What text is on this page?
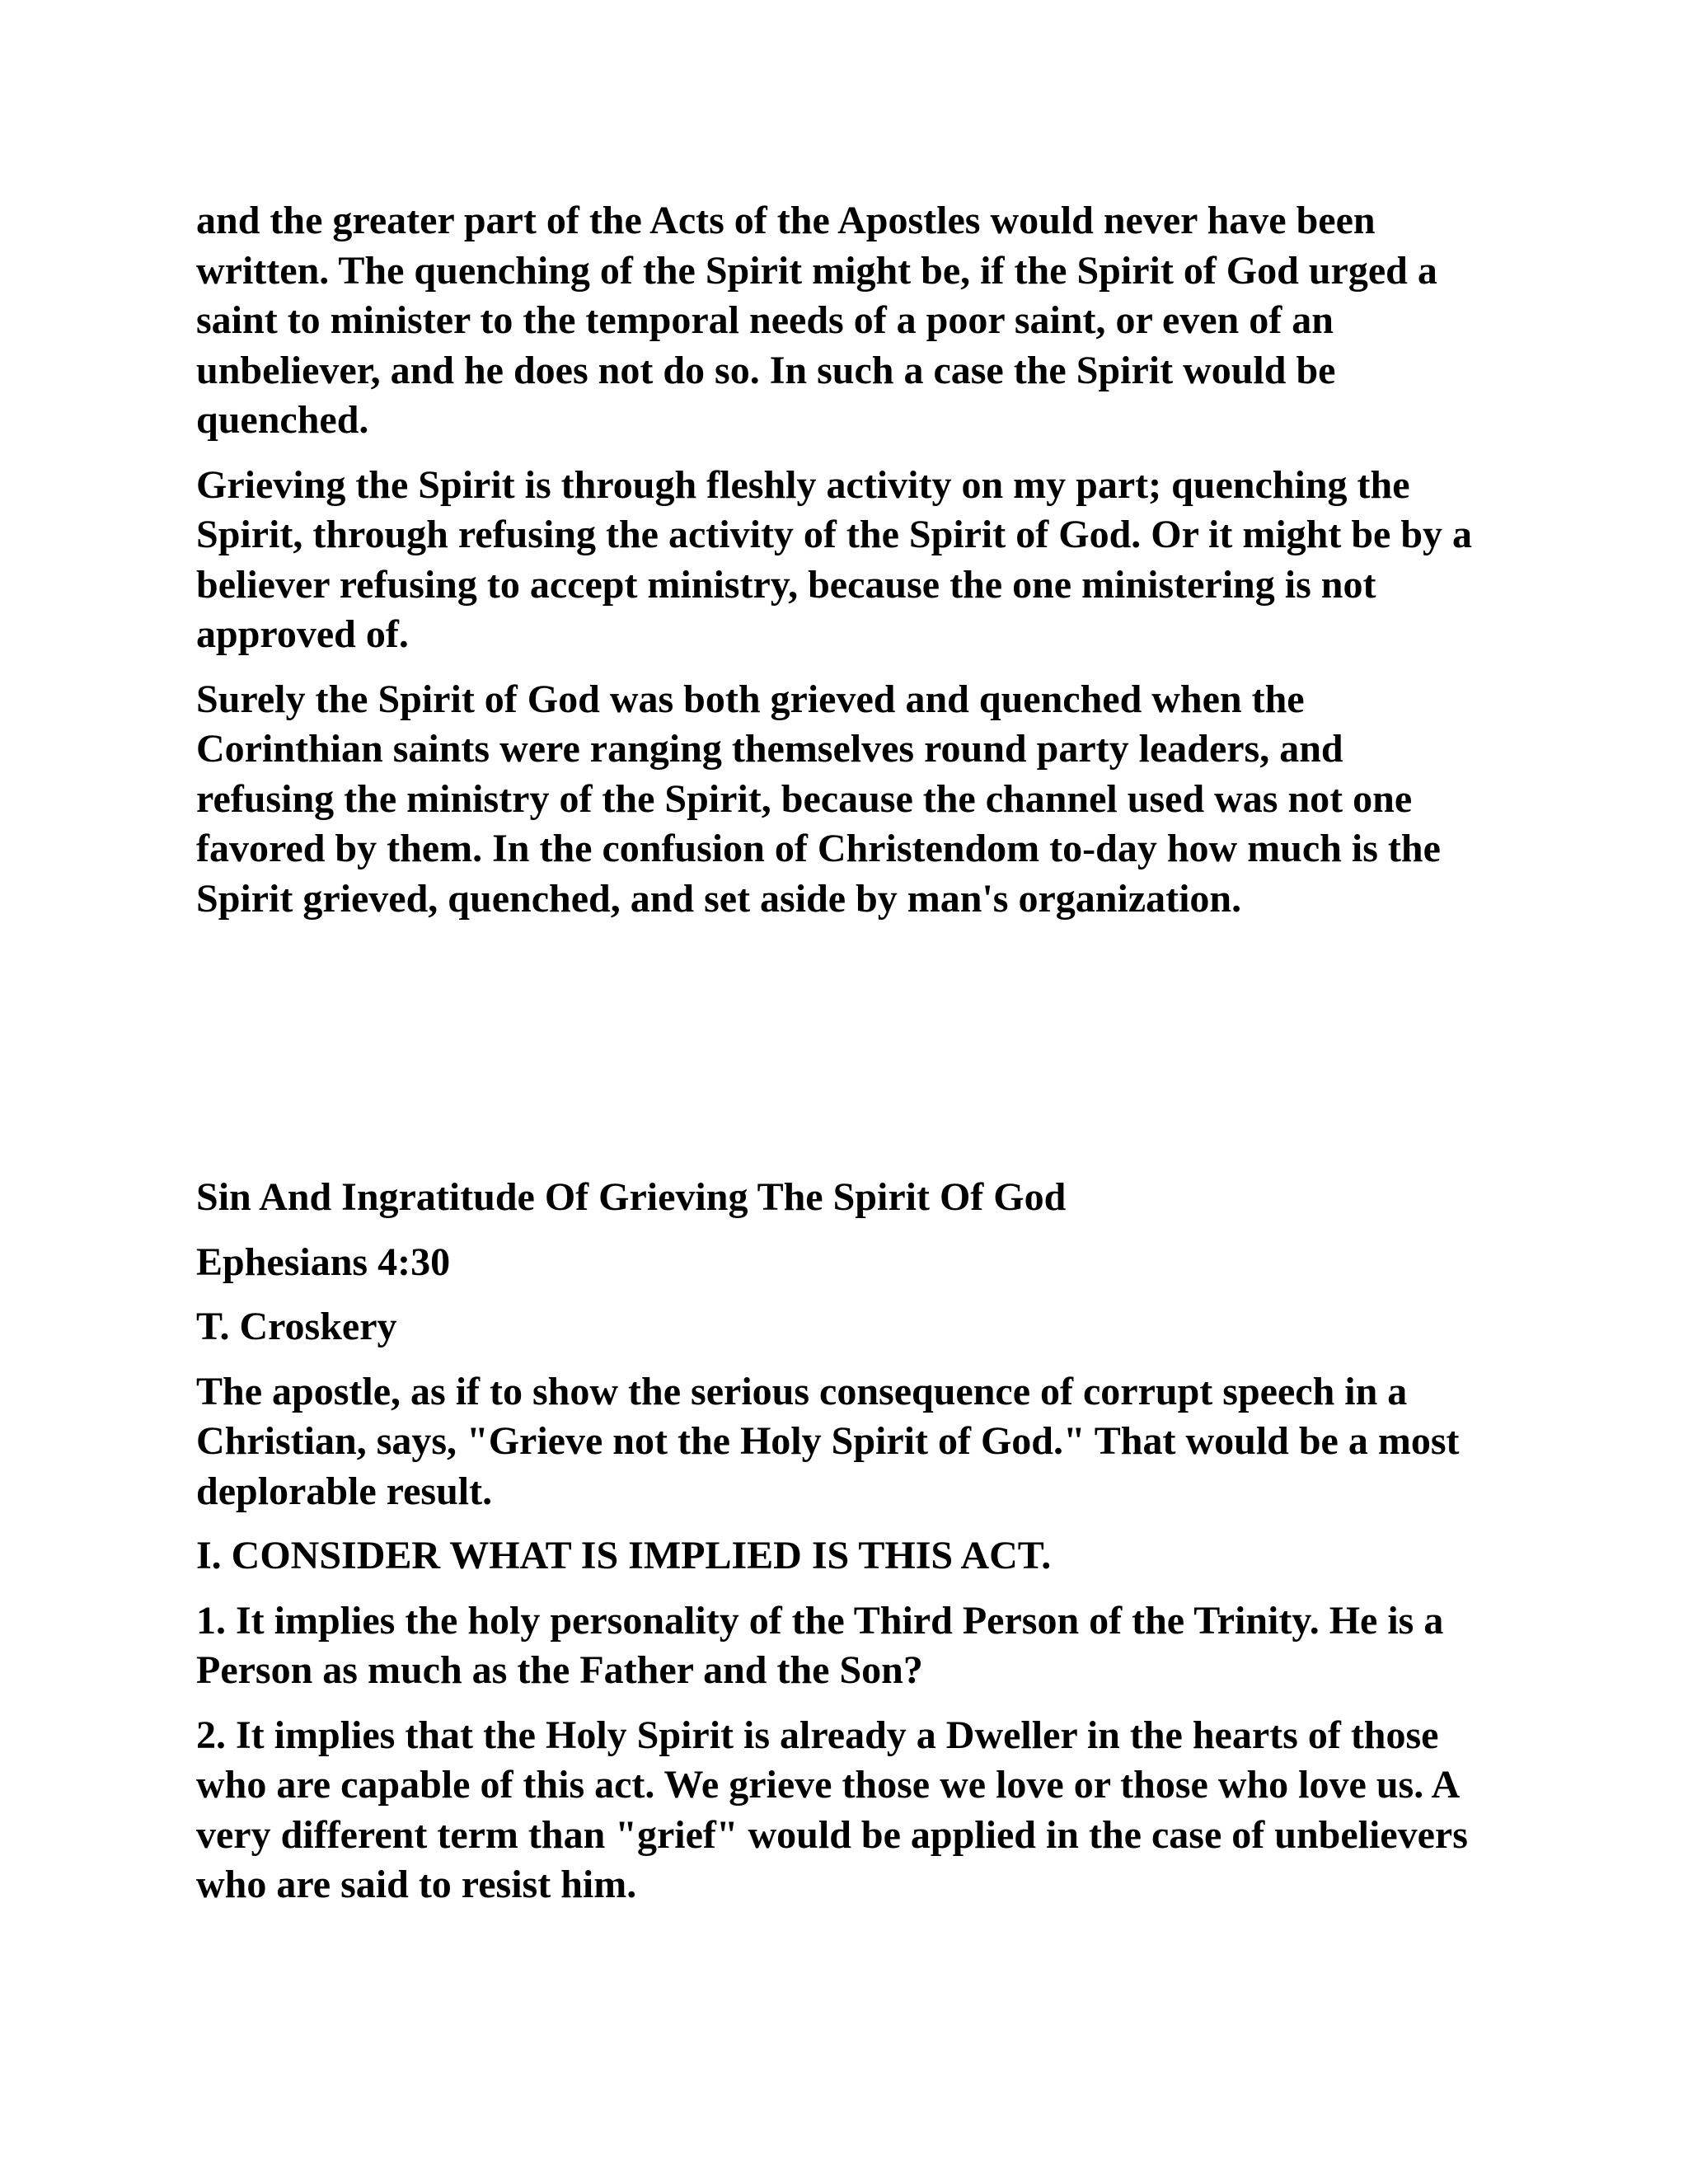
and the greater part of the Acts of the Apostles would never have been written. The quenching of the Spirit might be, if the Spirit of God urged a saint to minister to the temporal needs of a poor saint, or even of an unbeliever, and he does not do so. In such a case the Spirit would be quenched.

Grieving the Spirit is through fleshly activity on my part; quenching the Spirit, through refusing the activity of the Spirit of God. Or it might be by a believer refusing to accept ministry, because the one ministering is not approved of.

Surely the Spirit of God was both grieved and quenched when the Corinthian saints were ranging themselves round party leaders, and refusing the ministry of the Spirit, because the channel used was not one favored by them. In the confusion of Christendom to-day how much is the Spirit grieved, quenched, and set aside by man's organization.

Sin And Ingratitude Of Grieving The Spirit Of God

Ephesians 4:30

T. Croskery

The apostle, as if to show the serious consequence of corrupt speech in a Christian, says, "Grieve not the Holy Spirit of God." That would be a most deplorable result.

I. CONSIDER WHAT IS IMPLIED IS THIS ACT.

1. It implies the holy personality of the Third Person of the Trinity. He is a Person as much as the Father and the Son?

2. It implies that the Holy Spirit is already a Dweller in the hearts of those who are capable of this act. We grieve those we love or those who love us. A very different term than "grief" would be applied in the case of unbelievers who are said to resist him.
